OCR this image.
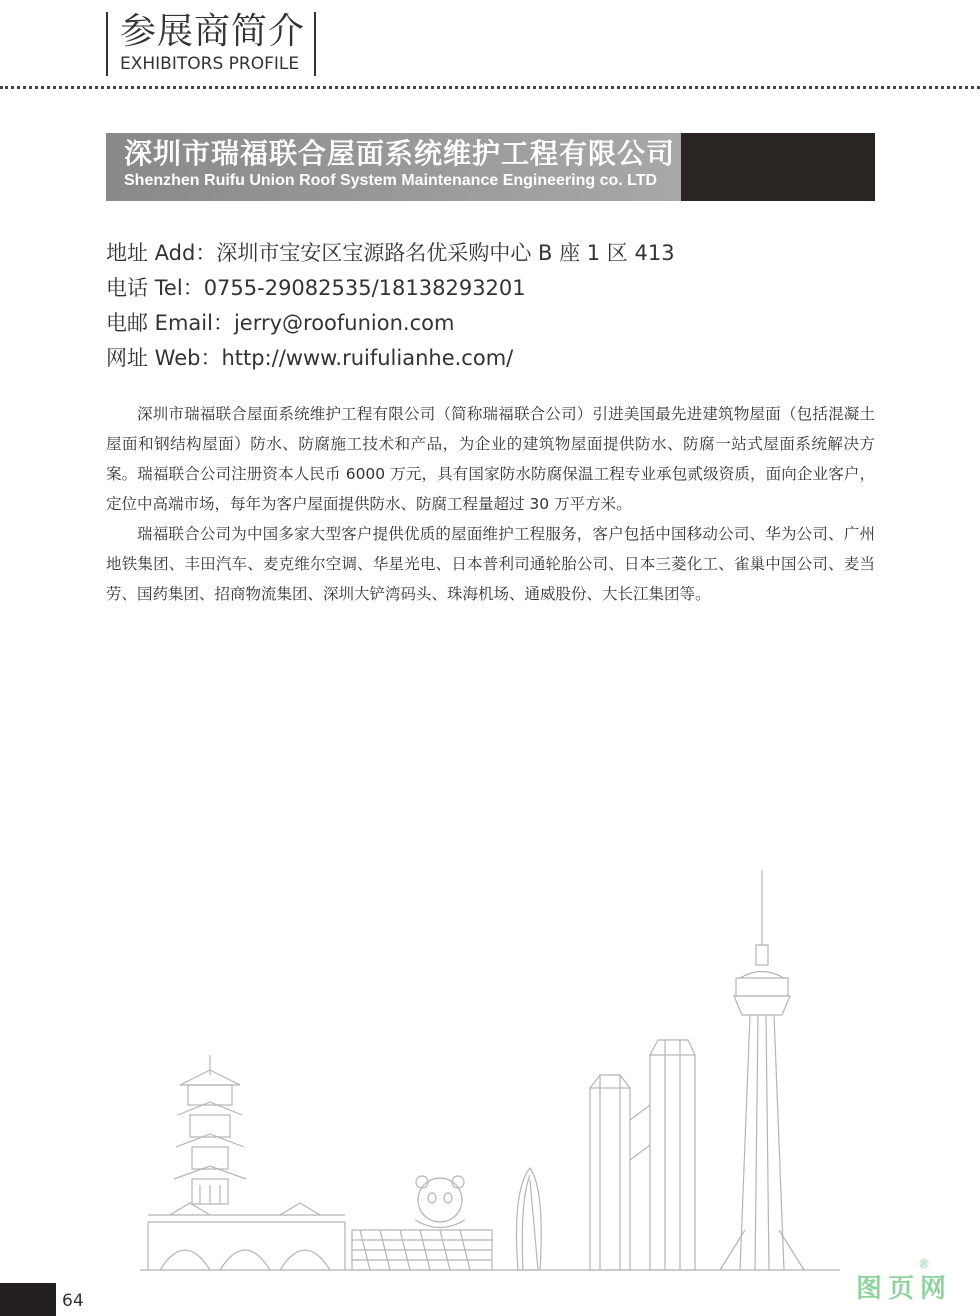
参展商简介
EXHIBITORS PROFILE
深圳市瑞福联合屋面系统维护工程有限公司
Shenzhen Ruifu Union Roof System Maintenance Engineering co. LTD
地址 Add：深圳市宝安区宝源路名优采购中心 B 座 1 区 413
电话 Tel：0755-29082535/18138293201
电邮 Email：jerry@roofunion.com
网址 Web：http://www.ruifulianhe.com/

深圳市瑞福联合屋面系统维护工程有限公司（简称瑞福联合公司）引进美国最先进建筑物屋面（包括混凝土屋面和钢结构屋面）防水、防腐施工技术和产品，为企业的建筑物屋面提供防水、防腐一站式屋面系统解决方案。瑞福联合公司注册资本人民币 6000 万元，具有国家防水防腐保温工程专业承包贰级资质，面向企业客户，定位中高端市场，每年为客户屋面提供防水、防腐工程量超过 30 万平方米。

瑞福联合公司为中国多家大型客户提供优质的屋面维护工程服务，客户包括中国移动公司、华为公司、广州地铁集团、丰田汽车、麦克维尔空调、华星光电、日本普利司通轮胎公司、日本三菱化工、雀巢中国公司、麦当劳、国药集团、招商物流集团、深圳大铲湾码头、珠海机场、通威股份、大长江集团等。

64	图页网
®
